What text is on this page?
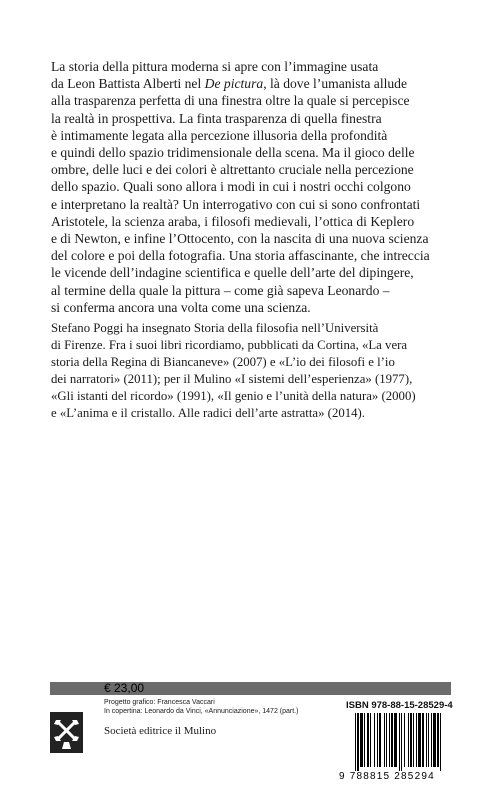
La storia della pittura moderna si apre con l’immagine usata
da Leon Battista Alberti nel De pictura, là dove l’umanista allude
alla trasparenza perfetta di una finestra oltre la quale si percepisce
la realtà in prospettiva. La finta trasparenza di quella finestra
è intimamente legata alla percezione illusoria della profondità
e quindi dello spazio tridimensionale della scena. Ma il gioco delle
ombre, delle luci e dei colori è altrettanto cruciale nella percezione
dello spazio. Quali sono allora i modi in cui i nostri occhi colgono
e interpretano la realtà? Un interrogativo con cui si sono confrontati
Aristotele, la scienza araba, i filosofi medievali, l’ottica di Keplero
e di Newton, e infine l’Ottocento, con la nascita di una nuova scienza
del colore e poi della fotografia. Una storia affascinante, che intreccia
le vicende dell’indagine scientifica e quelle dell’arte del dipingere,
al termine della quale la pittura – come già sapeva Leonardo –
si conferma ancora una volta come una scienza.
Stefano Poggi ha insegnato Storia della filosofia nell’Università
di Firenze. Fra i suoi libri ricordiamo, pubblicati da Cortina, «La vera
storia della Regina di Biancaneve» (2007) e «L’io dei filosofi e l’io
dei narratori» (2011); per il Mulino «I sistemi dell’esperienza» (1977),
«Gli istanti del ricordo» (1991), «Il genio e l’unità della natura» (2000)
e «L’anima e il cristallo. Alle radici dell’arte astratta» (2014).
€ 23,00
Progetto grafico: Francesca Vaccari
In copertina: Leonardo da Vinci, «Annunciazione», 1472 (part.)	ISBN 978-88-15-28529-4
Società editrice il Mulino
9 788815 285294
